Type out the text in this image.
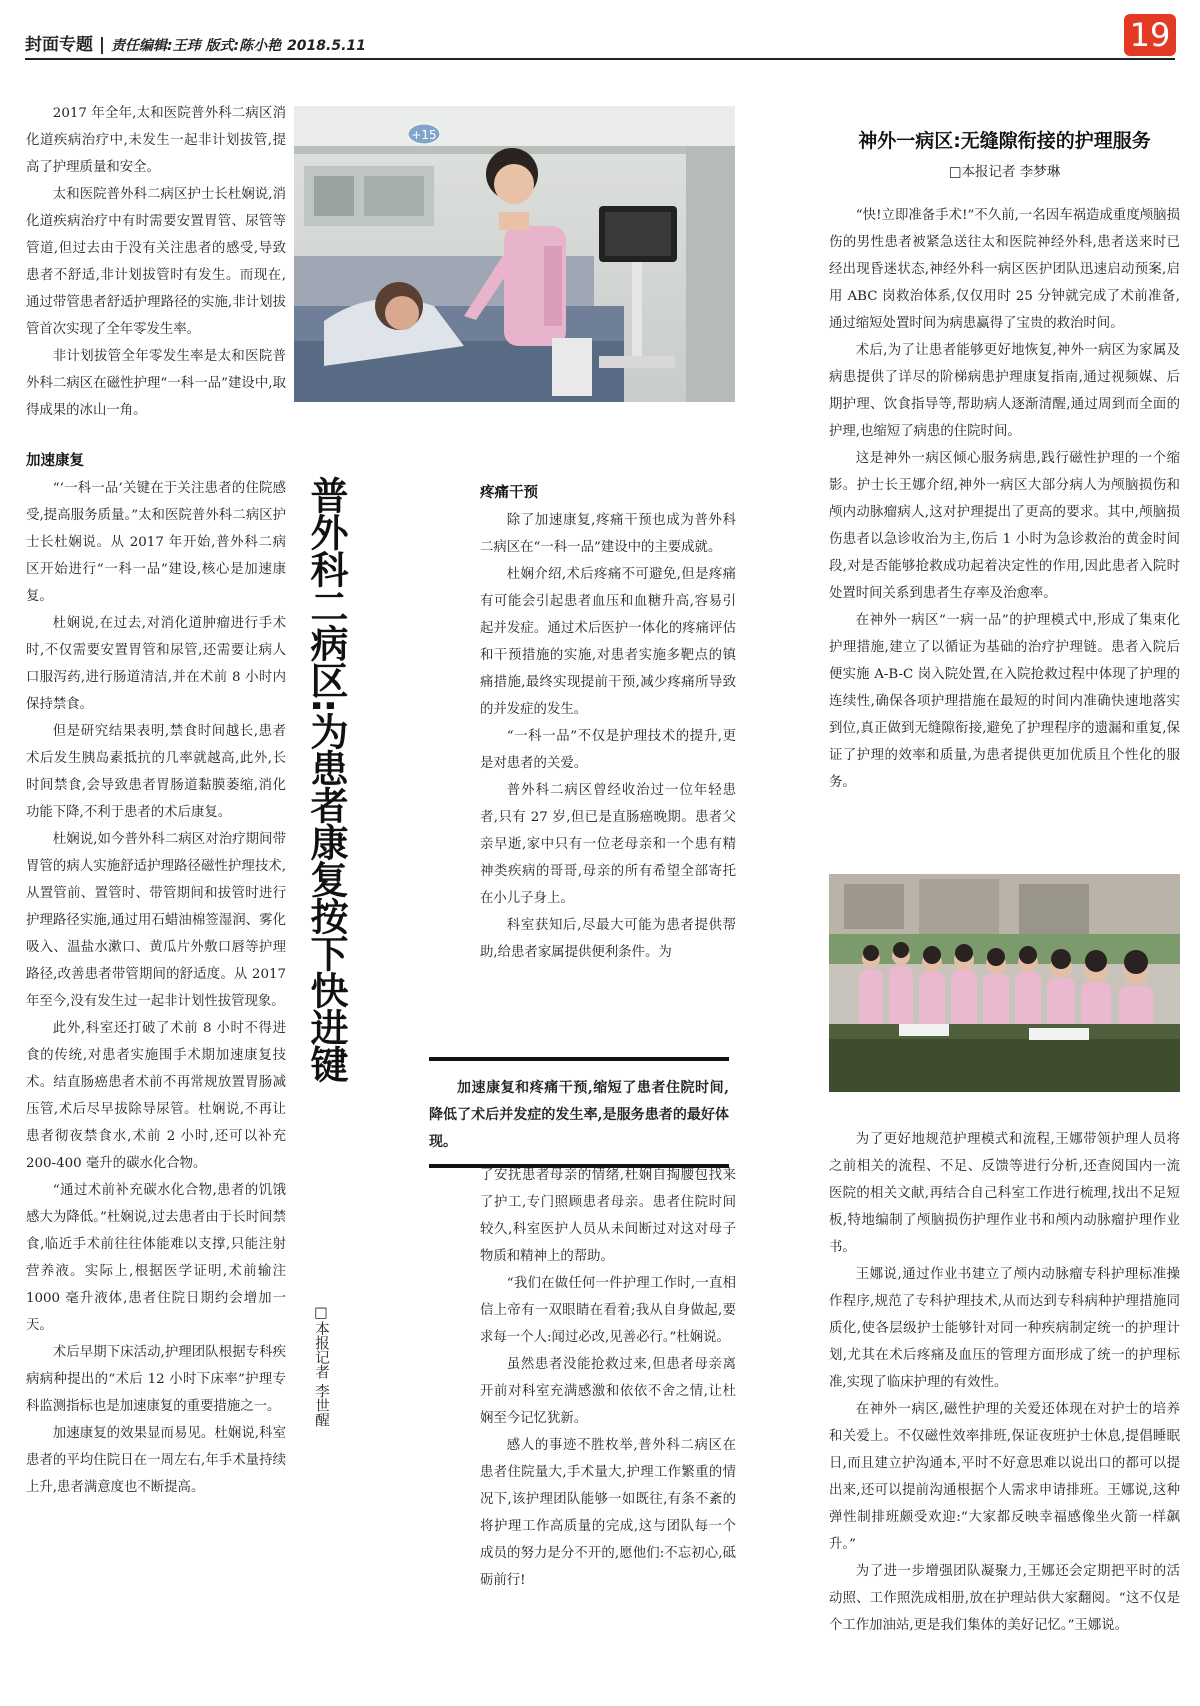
封面专题 | 责任编辑:王玮 版式:陈小艳 2018.5.11	19

2017 年全年,太和医院普外科二病区消化道疾病治疗中,未发生一起非计划拔管,提高了护理质量和安全。

太和医院普外科二病区护士长杜娴说,消化道疾病治疗中有时需要安置胃管、尿管等管道,但过去由于没有关注患者的感受,导致患者不舒适,非计划拔管时有发生。而现在,通过带管患者舒适护理路径的实施,非计划拔管首次实现了全年零发生率。

非计划拔管全年零发生率是太和医院普外科二病区在磁性护理“一科一品”建设中,取得成果的冰山一角。

加速康复

“‘一科一品’关键在于关注患者的住院感受,提高服务质量。”太和医院普外科二病区护士长杜娴说。从 2017 年开始,普外科二病区开始进行“一科一品”建设,核心是加速康复。

杜娴说,在过去,对消化道肿瘤进行手术时,不仅需要安置胃管和尿管,还需要让病人口服泻药,进行肠道清洁,并在术前 8 小时内保持禁食。

但是研究结果表明,禁食时间越长,患者术后发生胰岛素抵抗的几率就越高,此外,长时间禁食,会导致患者胃肠道黏膜萎缩,消化功能下降,不利于患者的术后康复。

杜娴说,如今普外科二病区对治疗期间带胃管的病人实施舒适护理路径磁性护理技术,从置管前、置管时、带管期间和拔管时进行护理路径实施,通过用石蜡油棉签湿润、雾化吸入、温盐水漱口、黄瓜片外敷口唇等护理路径,改善患者带管期间的舒适度。从 2017 年至今,没有发生过一起非计划性拔管现象。

此外,科室还打破了术前 8 小时不得进食的传统,对患者实施围手术期加速康复技术。结直肠癌患者术前不再常规放置胃肠减压管,术后尽早拔除导尿管。杜娴说,不再让患者彻夜禁食水,术前 2 小时,还可以补充 200-400 毫升的碳水化合物。

“通过术前补充碳水化合物,患者的饥饿感大为降低。”杜娴说,过去患者由于长时间禁食,临近手术前往往体能难以支撑,只能注射营养液。实际上,根据医学证明,术前输注 1000 毫升液体,患者住院日期约会增加一天。

术后早期下床活动,护理团队根据专科疾病病种提出的“术后 12 小时下床率”护理专科监测指标也是加速康复的重要措施之一。

加速康复的效果显而易见。杜娴说,科室患者的平均住院日在一周左右,年手术量持续上升,患者满意度也不断提高。

+15
普外科二病区:为患者康复按下快进键
□本报记者 李世醒
疼痛干预

除了加速康复,疼痛干预也成为普外科二病区在“一科一品”建设中的主要成就。

杜娴介绍,术后疼痛不可避免,但是疼痛有可能会引起患者血压和血糖升高,容易引起并发症。通过术后医护一体化的疼痛评估和干预措施的实施,对患者实施多靶点的镇痛措施,最终实现提前干预,减少疼痛所导致的并发症的发生。

“一科一品”不仅是护理技术的提升,更是对患者的关爱。

普外科二病区曾经收治过一位年轻患者,只有 27 岁,但已是直肠癌晚期。患者父亲早逝,家中只有一位老母亲和一个患有精神类疾病的哥哥,母亲的所有希望全部寄托在小儿子身上。

科室获知后,尽最大可能为患者提供帮助,给患者家属提供便利条件。为

加速康复和疼痛干预,缩短了患者住院时间,降低了术后并发症的发生率,是服务患者的最好体现。

了安抚患者母亲的情绪,杜娴自掏腰包找来了护工,专门照顾患者母亲。患者住院时间较久,科室医护人员从未间断过对这对母子物质和精神上的帮助。

“我们在做任何一件护理工作时,一直相信上帝有一双眼睛在看着;我从自身做起,要求每一个人:闻过必改,见善必行。”杜娴说。

虽然患者没能抢救过来,但患者母亲离开前对科室充满感激和依依不舍之情,让杜娴至今记忆犹新。

感人的事迹不胜枚举,普外科二病区在患者住院量大,手术量大,护理工作繁重的情况下,该护理团队能够一如既往,有条不紊的将护理工作高质量的完成,这与团队每一个成员的努力是分不开的,愿他们:不忘初心,砥砺前行!

神外一病区:无缝隙衔接的护理服务
□本报记者 李梦琳

“快!立即准备手术!”不久前,一名因车祸造成重度颅脑损伤的男性患者被紧急送往太和医院神经外科,患者送来时已经出现昏迷状态,神经外科一病区医护团队迅速启动预案,启用 ABC 岗救治体系,仅仅用时 25 分钟就完成了术前准备,通过缩短处置时间为病患赢得了宝贵的救治时间。

术后,为了让患者能够更好地恢复,神外一病区为家属及病患提供了详尽的阶梯病患护理康复指南,通过视频媒、后期护理、饮食指导等,帮助病人逐渐清醒,通过周到而全面的护理,也缩短了病患的住院时间。

这是神外一病区倾心服务病患,践行磁性护理的一个缩影。护士长王娜介绍,神外一病区大部分病人为颅脑损伤和颅内动脉瘤病人,这对护理提出了更高的要求。其中,颅脑损伤患者以急诊收治为主,伤后 1 小时为急诊救治的黄金时间段,对是否能够抢救成功起着决定性的作用,因此患者入院时处置时间关系到患者生存率及治愈率。

在神外一病区“一病一品”的护理模式中,形成了集束化护理措施,建立了以循证为基础的治疗护理链。患者入院后便实施 A-B-C 岗入院处置,在入院抢救过程中体现了护理的连续性,确保各项护理措施在最短的时间内准确快速地落实到位,真正做到无缝隙衔接,避免了护理程序的遗漏和重复,保证了护理的效率和质量,为患者提供更加优质且个性化的服务。

为了更好地规范护理模式和流程,王娜带领护理人员将之前相关的流程、不足、反馈等进行分析,还查阅国内一流医院的相关文献,再结合自己科室工作进行梳理,找出不足短板,特地编制了颅脑损伤护理作业书和颅内动脉瘤护理作业书。

王娜说,通过作业书建立了颅内动脉瘤专科护理标准操作程序,规范了专科护理技术,从而达到专科病种护理措施同质化,使各层级护士能够针对同一种疾病制定统一的护理计划,尤其在术后疼痛及血压的管理方面形成了统一的护理标准,实现了临床护理的有效性。

在神外一病区,磁性护理的关爱还体现在对护士的培养和关爱上。不仅磁性效率排班,保证夜班护士休息,提倡睡眠日,而且建立护沟通本,平时不好意思难以说出口的都可以提出来,还可以提前沟通根据个人需求申请排班。王娜说,这种弹性制排班颇受欢迎:“大家都反映幸福感像坐火箭一样飙升。”

为了进一步增强团队凝聚力,王娜还会定期把平时的活动照、工作照洗成相册,放在护理站供大家翻阅。“这不仅是个工作加油站,更是我们集体的美好记忆。”王娜说。
